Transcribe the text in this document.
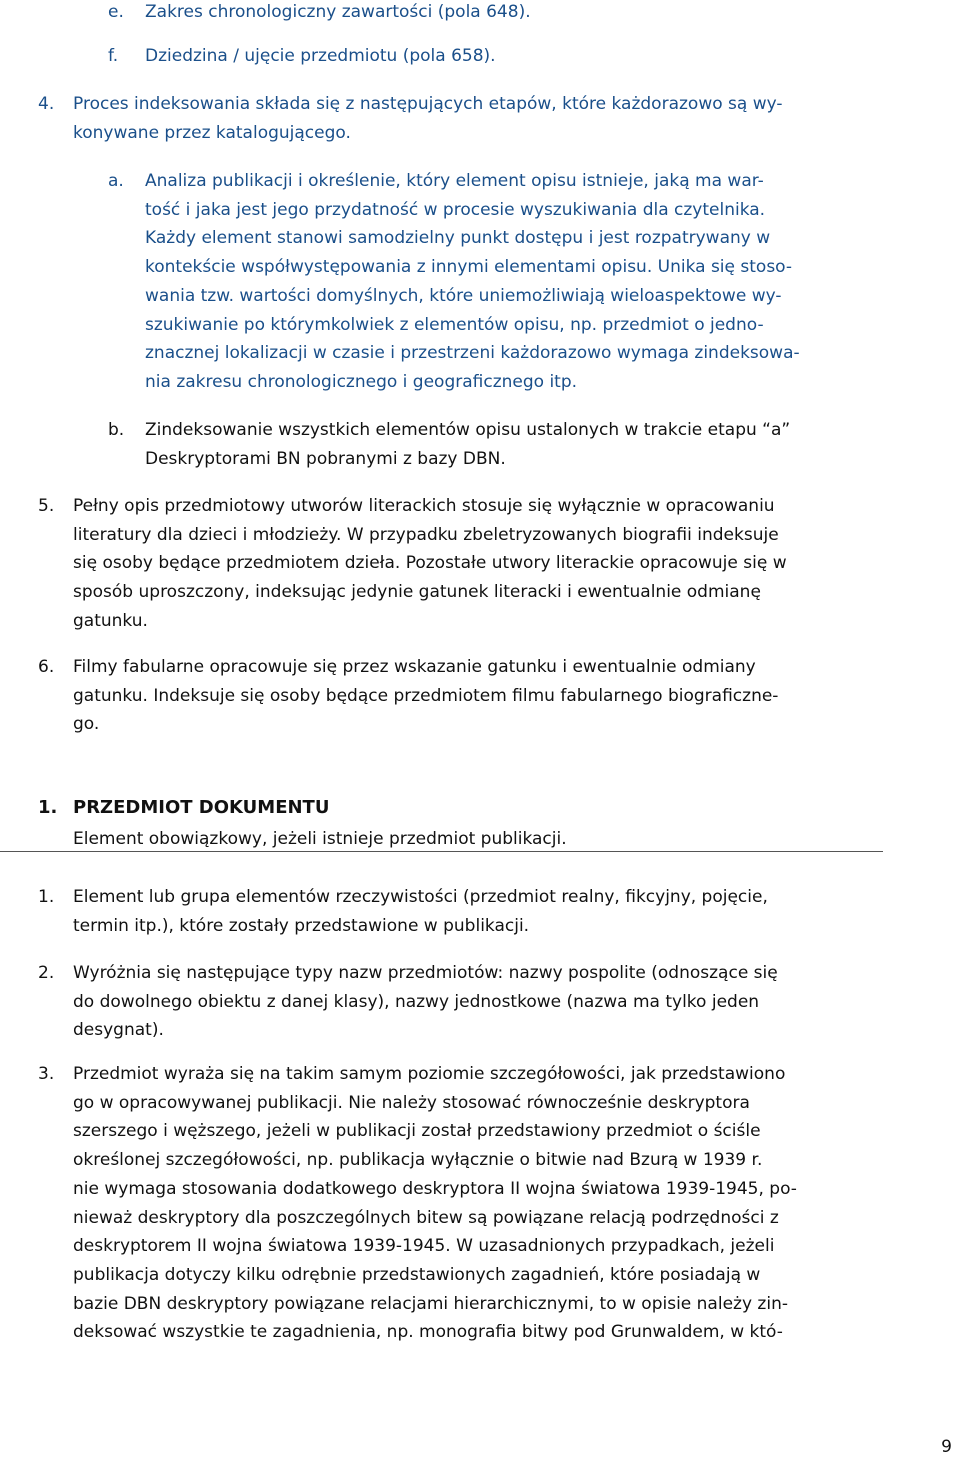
e. Zakres chronologiczny zawartości (pola 648).
f. Dziedzina / ujęcie przedmiotu (pola 658).
4. Proces indeksowania składa się z następujących etapów, które każdorazowo są wy-
konywane przez katalogującego.
a. Analiza publikacji i określenie, który element opisu istnieje, jaką ma war-
tość i jaka jest jego przydatność w procesie wyszukiwania dla czytelnika.
Każdy element stanowi samodzielny punkt dostępu i jest rozpatrywany w
kontekście współwystępowania z innymi elementami opisu. Unika się stoso-
wania tzw. wartości domyślnych, które uniemożliwiają wieloaspektowe wy-
szukiwanie po którymkolwiek z elementów opisu, np. przedmiot o jedno-
znacznej lokalizacji w czasie i przestrzeni każdorazowo wymaga zindeksowa-
nia zakresu chronologicznego i geograficznego itp.
b. Zindeksowanie wszystkich elementów opisu ustalonych w trakcie etapu “a”
Deskryptorami BN pobranymi z bazy DBN.
5. Pełny opis przedmiotowy utworów literackich stosuje się wyłącznie w opracowaniu
literatury dla dzieci i młodzieży. W przypadku zbeletryzowanych biografii indeksuje
się osoby będące przedmiotem dzieła. Pozostałe utwory literackie opracowuje się w
sposób uproszczony, indeksując jedynie gatunek literacki i ewentualnie odmianę
gatunku.
6. Filmy fabularne opracowuje się przez wskazanie gatunku i ewentualnie odmiany
gatunku. Indeksuje się osoby będące przedmiotem filmu fabularnego biograficzne-
go.
1. PRZEDMIOT DOKUMENTU
Element obowiązkowy, jeżeli istnieje przedmiot publikacji.
1. Element lub grupa elementów rzeczywistości (przedmiot realny, fikcyjny, pojęcie,
termin itp.), które zostały przedstawione w publikacji.
2. Wyróżnia się następujące typy nazw przedmiotów: nazwy pospolite (odnoszące się
do dowolnego obiektu z danej klasy), nazwy jednostkowe (nazwa ma tylko jeden
desygnat).
3. Przedmiot wyraża się na takim samym poziomie szczegółowości, jak przedstawiono
go w opracowywanej publikacji. Nie należy stosować równocześnie deskryptora
szerszego i węższego, jeżeli w publikacji został przedstawiony przedmiot o ściśle
określonej szczegółowości, np. publikacja wyłącznie o bitwie nad Bzurą w 1939 r.
nie wymaga stosowania dodatkowego deskryptora II wojna światowa 1939-1945, po-
nieważ deskryptory dla poszczególnych bitew są powiązane relacją podrzędności z
deskryptorem II wojna światowa 1939-1945. W uzasadnionych przypadkach, jeżeli
publikacja dotyczy kilku odrębnie przedstawionych zagadnień, które posiadają w
bazie DBN deskryptory powiązane relacjami hierarchicznymi, to w opisie należy zin-
deksować wszystkie te zagadnienia, np. monografia bitwy pod Grunwaldem, w któ-
9
